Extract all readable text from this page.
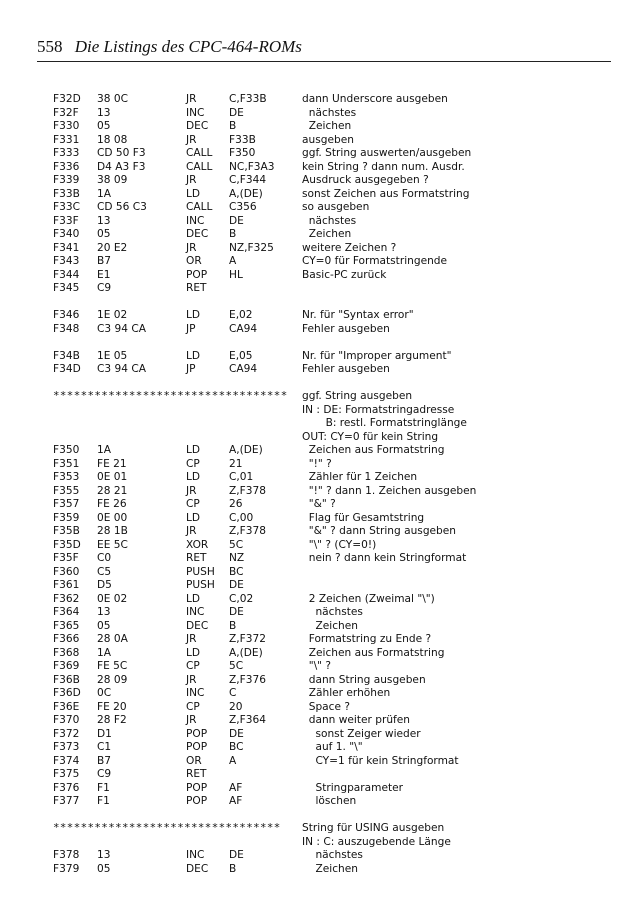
558 Die Listings des CPC-464-ROMs
F32D 38 0C	JR	C,F33B	dann Underscore ausgeben
F32F 13	INC DE	nächstes
F330 05	DEC B	Zeichen
F331 18 08	JR	F33B	ausgeben
F333 CD 50 F3	CALL F350	ggf. String auswerten/ausgeben
F336 D4 A3 F3	CALL NC,F3A3	kein String ? dann num. Ausdr.
F339 38 09	JR	C,F344	Ausdruck ausgegeben ?
F33B 1A	LD	A,(DE)	sonst Zeichen aus Formatstring
F33C CD 56 C3	CALL C356	so ausgeben
F33F 13	INC DE	nächstes
F340 05	DEC B	Zeichen
F341 20 E2	JR	NZ,F325	weitere Zeichen ?
F343 B7	OR	A	CY=0 für Formatstringende
F344 E1	POP HL	Basic-PC zurück
F345 C9	RET
F346 1E 02	LD	E,02	Nr. für "Syntax error"
F348 C3 94 CA	JP	CA94	Fehler ausgeben
F34B 1E 05	LD	E,05	Nr. für "Improper argument"
F34D C3 94 CA	JP	CA94	Fehler ausgeben
********************************** ggf. String ausgeben
IN : DE: Formatstringadresse
B: restl. Formatstringlänge
OUT: CY=0 für kein String
F350 1A	LD	A,(DE)	Zeichen aus Formatstring
F351 FE 21	CP	21	"!" ?
F353 0E 01	LD	C,01	Zähler für 1 Zeichen
F355 28 21	JR	Z,F378	"!" ? dann 1. Zeichen ausgeben
F357 FE 26	CP	26	"&" ?
F359 0E 00	LD	C,00	Flag für Gesamtstring
F35B 28 1B	JR	Z,F378	"&" ? dann String ausgeben
F35D EE 5C	XOR 5C	"\" ? (CY=0!)
F35F C0	RET NZ	nein ? dann kein Stringformat
F360 C5	PUSH BC
F361 D5	PUSH DE
F362 0E 02	LD	C,02	2 Zeichen (Zweimal "\")
F364 13	INC DE	nächstes
F365 05	DEC B	Zeichen
F366 28 0A	JR	Z,F372	Formatstring zu Ende ?
F368 1A	LD	A,(DE)	Zeichen aus Formatstring
F369 FE 5C	CP	5C	"\" ?
F36B 28 09	JR	Z,F376	dann String ausgeben
F36D 0C	INC C	Zähler erhöhen
F36E FE 20	CP	20	Space ?
F370 28 F2	JR	Z,F364	dann weiter prüfen
F372 D1	POP DE	sonst Zeiger wieder
F373 C1	POP BC	auf 1. "\"
F374 B7	OR	A	CY=1 für kein Stringformat
F375 C9	RET
F376 F1	POP AF	Stringparameter
F377 F1	POP AF	löschen
********************************* String für USING ausgeben
IN : C: auszugebende Länge
F378 13	INC DE	nächstes
F379 05	DEC B	Zeichen
